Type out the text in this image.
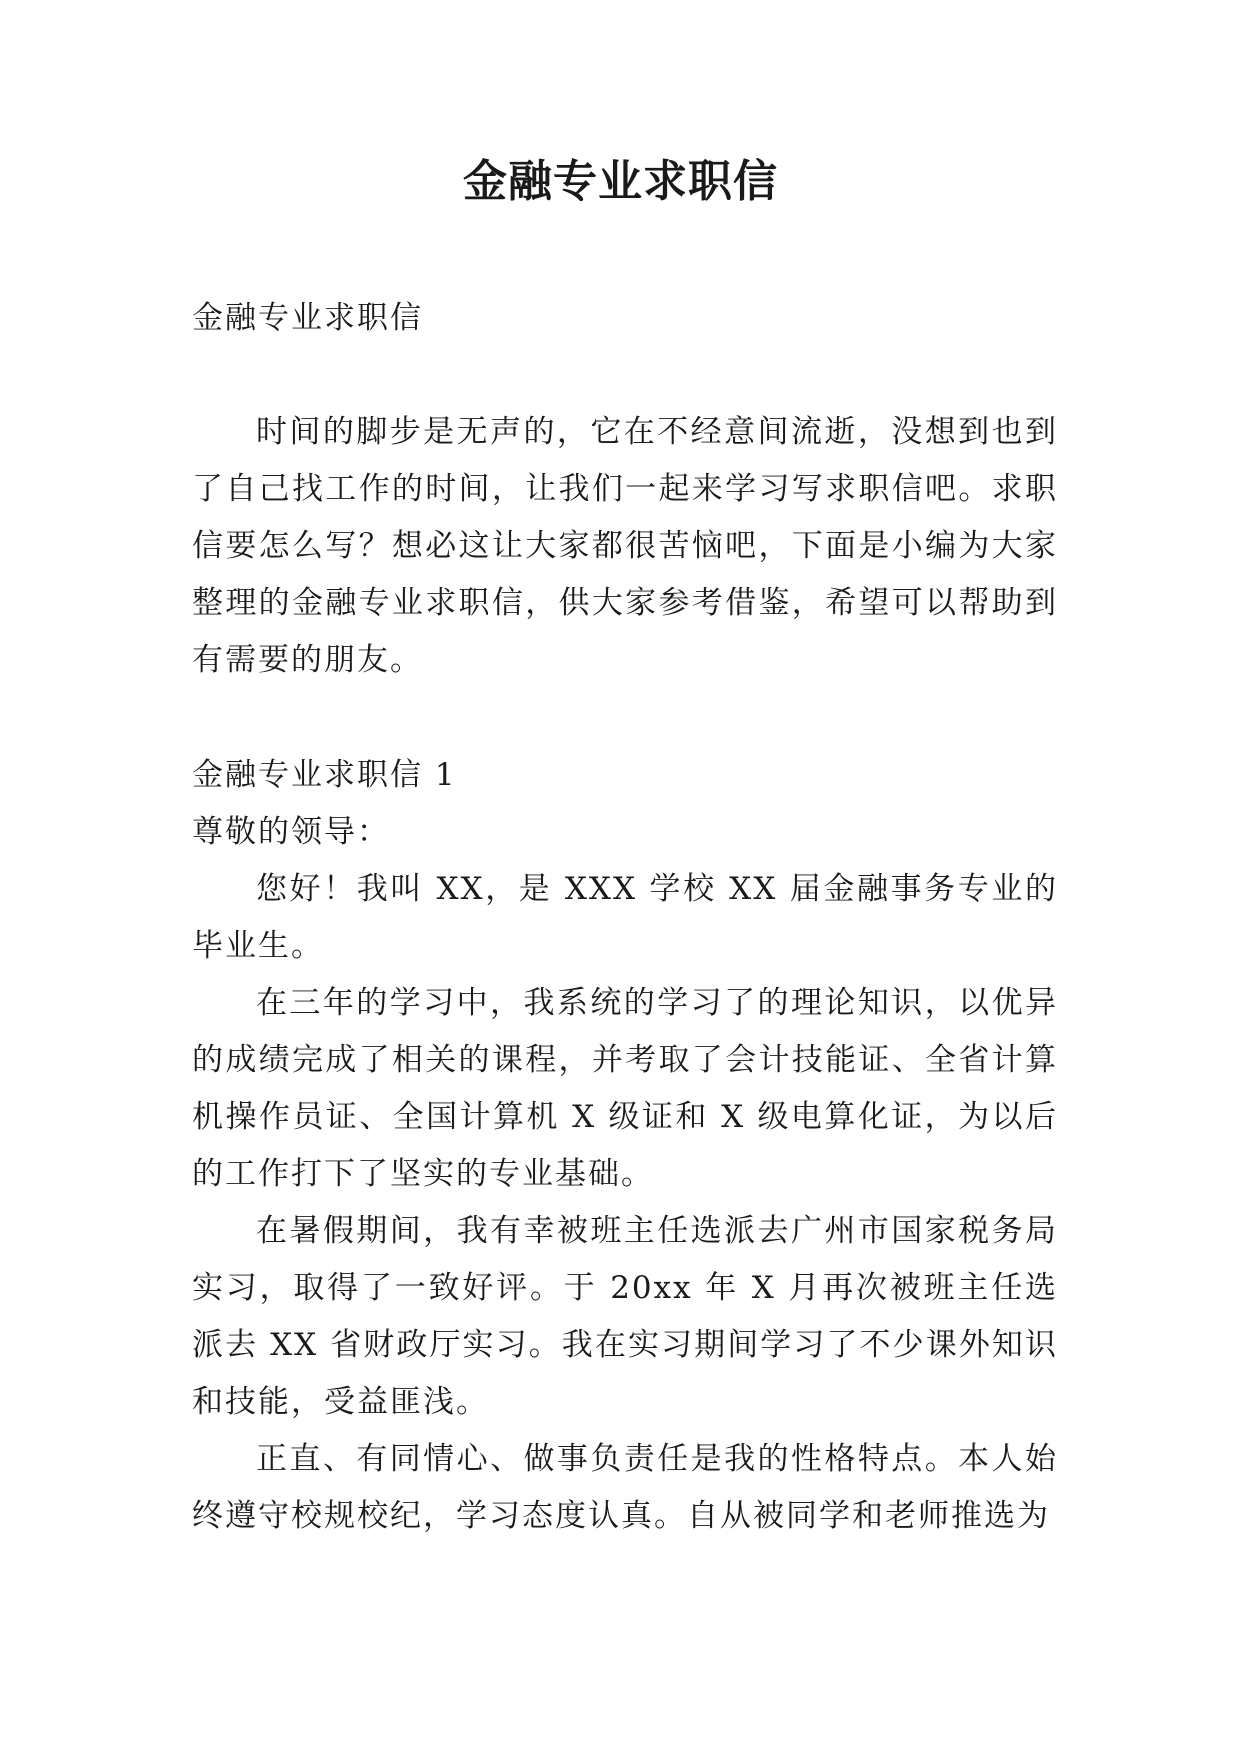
金融专业求职信

金融专业求职信

时间的脚步是无声的，它在不经意间流逝，没想到也到了自己找工作的时间，让我们一起来学习写求职信吧。求职信要怎么写？想必这让大家都很苦恼吧，下面是小编为大家整理的金融专业求职信，供大家参考借鉴，希望可以帮助到有需要的朋友。

金融专业求职信 1

尊敬的领导：

您好！我叫 XX，是 XXX 学校 XX 届金融事务专业的毕业生。

在三年的学习中，我系统的学习了的理论知识，以优异的成绩完成了相关的课程，并考取了会计技能证、全省计算机操作员证、全国计算机 X 级证和 X 级电算化证，为以后的工作打下了坚实的专业基础。

在暑假期间，我有幸被班主任选派去广州市国家税务局实习，取得了一致好评。于 20xx 年 X 月再次被班主任选派去 XX 省财政厅实习。我在实习期间学习了不少课外知识和技能，受益匪浅。

正直、有同情心、做事负责任是我的性格特点。本人始终遵守校规校纪，学习态度认真。自从被同学和老师推选为
